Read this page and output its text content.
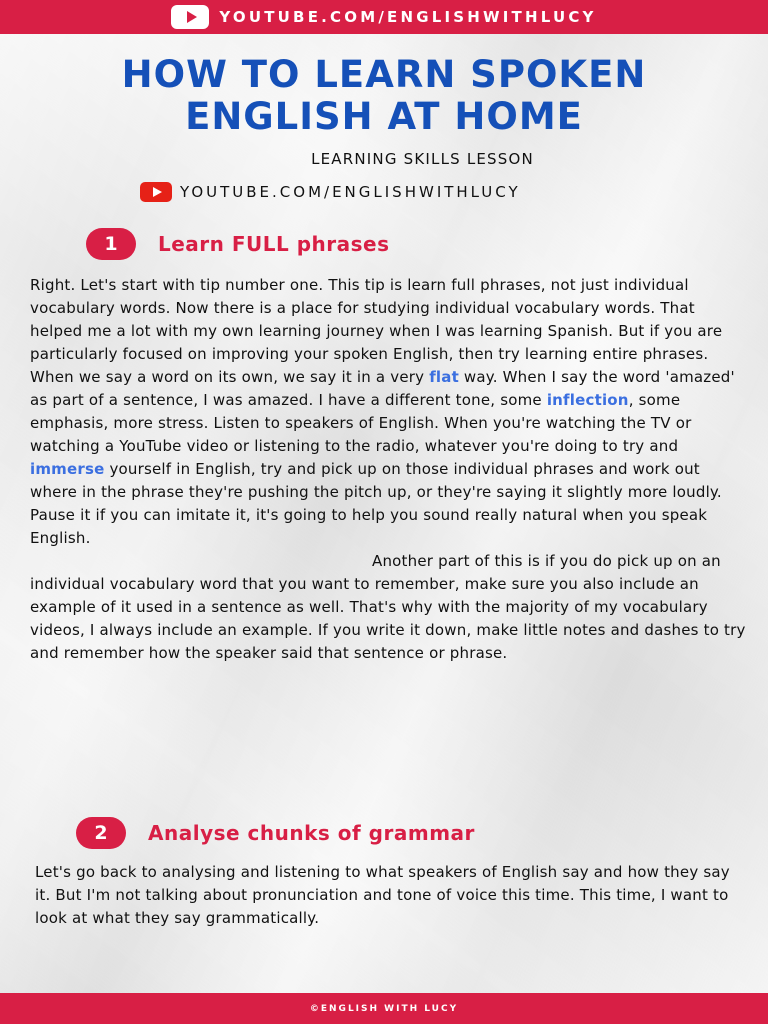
YOUTUBE.COM/ENGLISHWITHLUCY
HOW TO LEARN SPOKEN
ENGLISH AT HOME
LEARNING SKILLS LESSON
YOUTUBE.COM/ENGLISHWITHLUCY
1	Learn FULL phrases
Right. Let's start with tip number one. This tip is learn full phrases, not just individual vocabulary words. Now there is a place for studying individual vocabulary words. That helped me a lot with my own learning journey when I was learning Spanish. But if you are particularly focused on improving your spoken English, then try learning entire phrases. When we say a word on its own, we say it in a very flat way. When I say the word 'amazed' as part of a sentence, I was amazed. I have a different tone, some inflection, some emphasis, more stress. Listen to speakers of English. When you're watching the TV or watching a YouTube video or listening to the radio, whatever you're doing to try and immerse yourself in English, try and pick up on those individual phrases and work out where in the phrase they're pushing the pitch up, or they're saying it slightly more loudly. Pause it if you can imitate it, it's going to help you sound really natural when you speak English.
Another part of this is if you do pick up on an individual vocabulary word that you want to remember, make sure you also include an example of it used in a sentence as well. That's why with the majority of my vocabulary videos, I always include an example. If you write it down, make little notes and dashes to try and remember how the speaker said that sentence or phrase.
2	Analyse chunks of grammar
Let's go back to analysing and listening to what speakers of English say and how they say it. But I'm not talking about pronunciation and tone of voice this time. This time, I want to look at what they say grammatically.
©ENGLISH WITH LUCY
